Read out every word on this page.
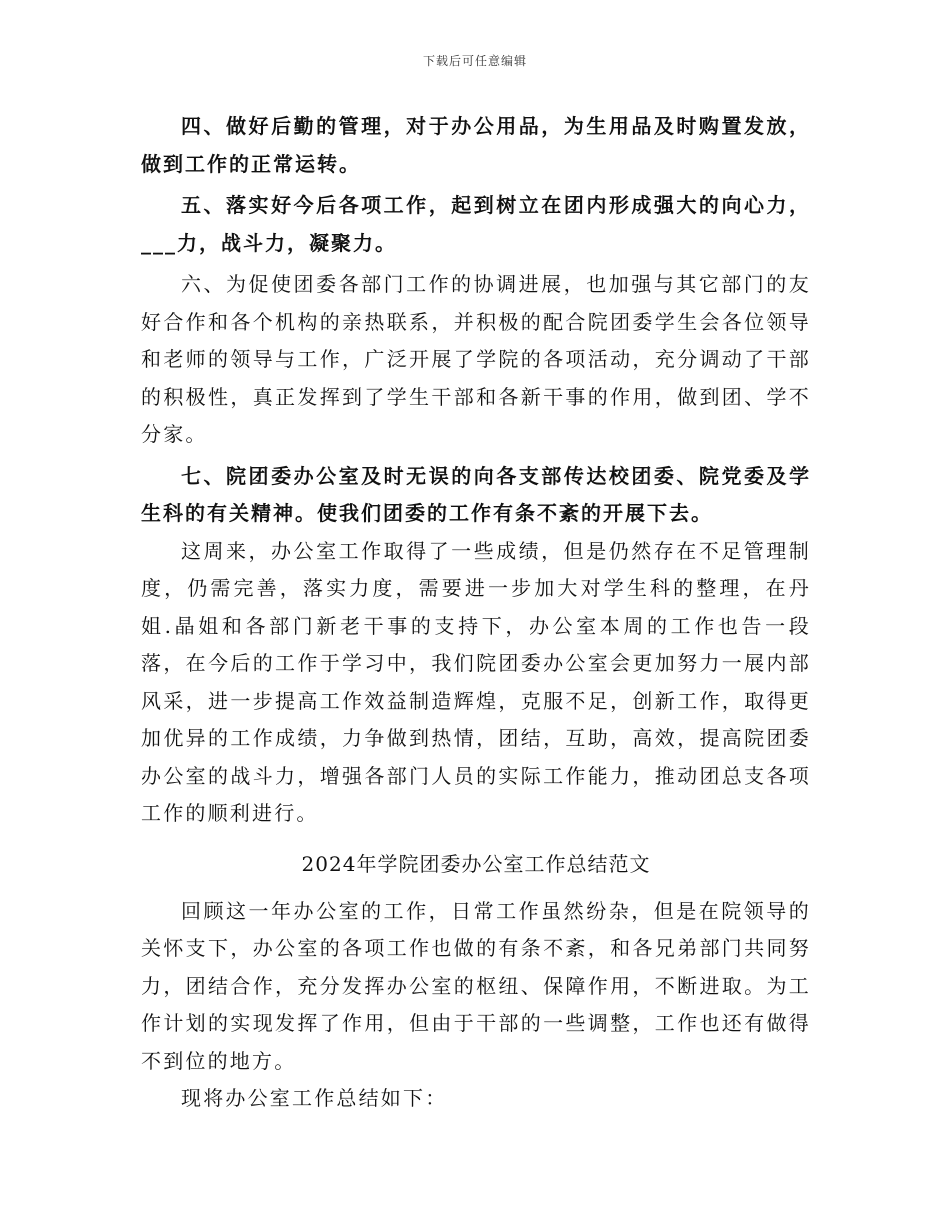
下载后可任意编辑

四、做好后勤的管理，对于办公用品，为生用品及时购置发放，做到工作的正常运转。

五、落实好今后各项工作，起到树立在团内形成强大的向心力，___力，战斗力，凝聚力。

六、为促使团委各部门工作的协调进展，也加强与其它部门的友好合作和各个机构的亲热联系，并积极的配合院团委学生会各位领导和老师的领导与工作，广泛开展了学院的各项活动，充分调动了干部的积极性，真正发挥到了学生干部和各新干事的作用，做到团、学不分家。

七、院团委办公室及时无误的向各支部传达校团委、院党委及学生科的有关精神。使我们团委的工作有条不紊的开展下去。

这周来，办公室工作取得了一些成绩，但是仍然存在不足管理制度，仍需完善，落实力度，需要进一步加大对学生科的整理，在丹姐.晶姐和各部门新老干事的支持下，办公室本周的工作也告一段落，在今后的工作于学习中，我们院团委办公室会更加努力一展内部风采，进一步提高工作效益制造辉煌，克服不足，创新工作，取得更加优异的工作成绩，力争做到热情，团结，互助，高效，提高院团委办公室的战斗力，增强各部门人员的实际工作能力，推动团总支各项工作的顺利进行。

2024年学院团委办公室工作总结范文

回顾这一年办公室的工作，日常工作虽然纷杂，但是在院领导的关怀支下，办公室的各项工作也做的有条不紊，和各兄弟部门共同努力，团结合作，充分发挥办公室的枢纽、保障作用，不断进取。为工作计划的实现发挥了作用，但由于干部的一些调整，工作也还有做得不到位的地方。

现将办公室工作总结如下：
